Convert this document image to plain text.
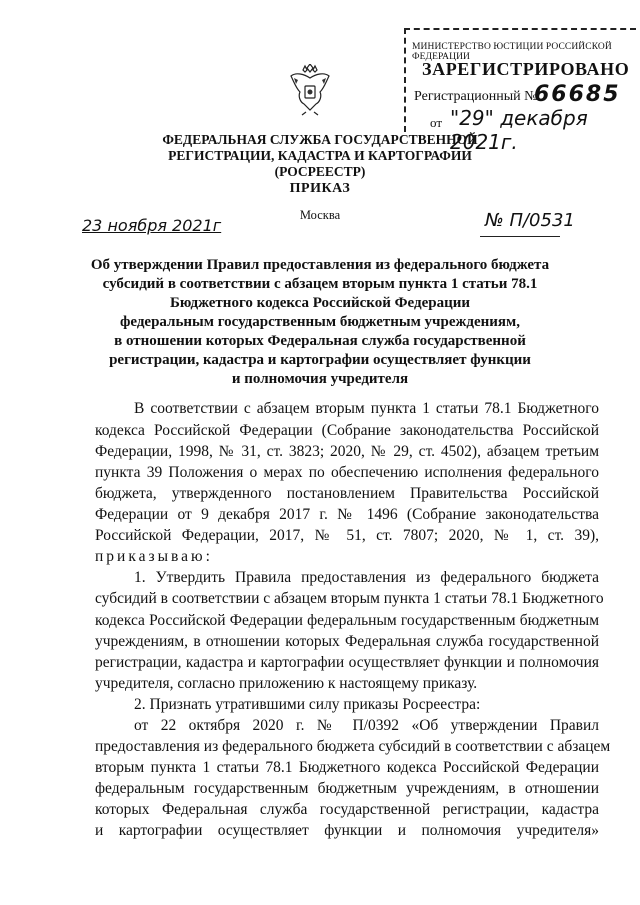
МИНИСТЕРСТВО ЮСТИЦИИ РОССИЙСКОЙ ФЕДЕРАЦИИ
ЗАРЕГИСТРИРОВАНО
Регистрационный №
66685
от "29" декабря 2021г.
ФЕДЕРАЛЬНАЯ СЛУЖБА ГОСУДАРСТВЕННОЙ
РЕГИСТРАЦИИ, КАДАСТРА И КАРТОГРАФИИ
(РОСРЕЕСТР)
ПРИКАЗ
Москва
23 ноября 2021г	№ П/0531
Об утверждении Правил предоставления из федерального бюджета
субсидий в соответствии с абзацем вторым пункта 1 статьи 78.1
Бюджетного кодекса Российской Федерации
федеральным государственным бюджетным учреждениям,
в отношении которых Федеральная служба государственной
регистрации, кадастра и картографии осуществляет функции
и полномочия учредителя
В соответствии с абзацем вторым пункта 1 статьи 78.1 Бюджетного
кодекса Российской Федерации (Собрание законодательства Российской
Федерации, 1998, № 31, ст. 3823; 2020, № 29, ст. 4502), абзацем третьим
пункта 39 Положения о мерах по обеспечению исполнения федерального
бюджета, утвержденного постановлением Правительства Российской
Федерации от 9 декабря 2017 г. № 1496 (Собрание законодательства
Российской Федерации, 2017, № 51, ст. 7807; 2020, № 1, ст. 39),
приказываю:
1. Утвердить Правила предоставления из федерального бюджета
субсидий в соответствии с абзацем вторым пункта 1 статьи 78.1 Бюджетного
кодекса Российской Федерации федеральным государственным бюджетным
учреждениям, в отношении которых Федеральная служба государственной
регистрации, кадастра и картографии осуществляет функции и полномочия
учредителя, согласно приложению к настоящему приказу.
2. Признать утратившими силу приказы Росреестра:
от 22 октября 2020 г. № П/0392 «Об утверждении Правил
предоставления из федерального бюджета субсидий в соответствии с абзацем
вторым пункта 1 статьи 78.1 Бюджетного кодекса Российской Федерации
федеральным государственным бюджетным учреждениям, в отношении
которых Федеральная служба государственной регистрации, кадастра
и картографии осуществляет функции и полномочия учредителя»
